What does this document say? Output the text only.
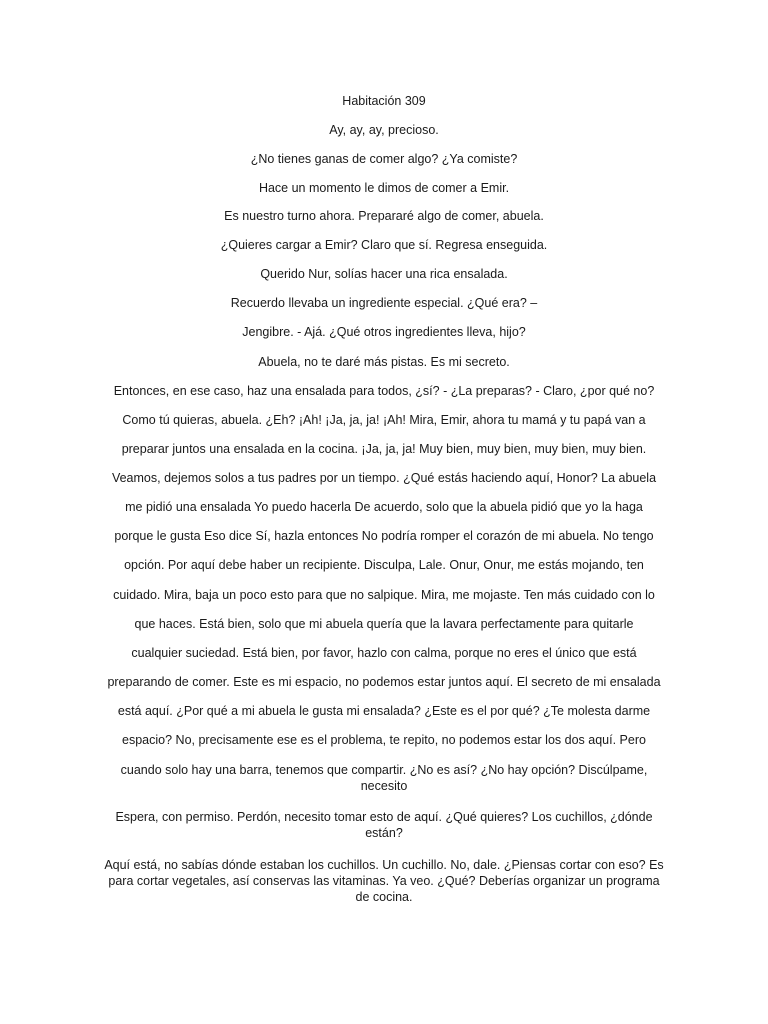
Habitación 309
Ay, ay, ay, precioso.
¿No tienes ganas de comer algo? ¿Ya comiste?
Hace un momento le dimos de comer a Emir.
Es nuestro turno ahora. Prepararé algo de comer, abuela.
¿Quieres cargar a Emir? Claro que sí. Regresa enseguida.
Querido Nur, solías hacer una rica ensalada.
Recuerdo llevaba un ingrediente especial. ¿Qué era? –
Jengibre. - Ajá. ¿Qué otros ingredientes lleva, hijo?
Abuela, no te daré más pistas. Es mi secreto.
Entonces, en ese caso, haz una ensalada para todos, ¿sí? - ¿La preparas? - Claro, ¿por qué no?
Como tú quieras, abuela. ¿Eh? ¡Ah! ¡Ja, ja, ja! ¡Ah! Mira, Emir, ahora tu mamá y tu papá van a
preparar juntos una ensalada en la cocina. ¡Ja, ja, ja! Muy bien, muy bien, muy bien, muy bien.
Veamos, dejemos solos a tus padres por un tiempo. ¿Qué estás haciendo aquí, Honor? La abuela
me pidió una ensalada Yo puedo hacerla De acuerdo, solo que la abuela pidió que yo la haga
porque le gusta Eso dice Sí, hazla entonces No podría romper el corazón de mi abuela. No tengo
opción. Por aquí debe haber un recipiente. Disculpa, Lale. Onur, Onur, me estás mojando, ten
cuidado. Mira, baja un poco esto para que no salpique. Mira, me mojaste. Ten más cuidado con lo
que haces. Está bien, solo que mi abuela quería que la lavara perfectamente para quitarle
cualquier suciedad. Está bien, por favor, hazlo con calma, porque no eres el único que está
preparando de comer. Este es mi espacio, no podemos estar juntos aquí. El secreto de mi ensalada
está aquí. ¿Por qué a mi abuela le gusta mi ensalada? ¿Este es el por qué? ¿Te molesta darme
espacio? No, precisamente ese es el problema, te repito, no podemos estar los dos aquí. Pero
cuando solo hay una barra, tenemos que compartir. ¿No es así? ¿No hay opción? Discúlpame, necesito
Espera, con permiso. Perdón, necesito tomar esto de aquí. ¿Qué quieres? Los cuchillos, ¿dónde están?
Aquí está, no sabías dónde estaban los cuchillos. Un cuchillo. No, dale. ¿Piensas cortar con eso? Es para cortar vegetales, así conservas las vitaminas. Ya veo. ¿Qué? Deberías organizar un programa de cocina.
